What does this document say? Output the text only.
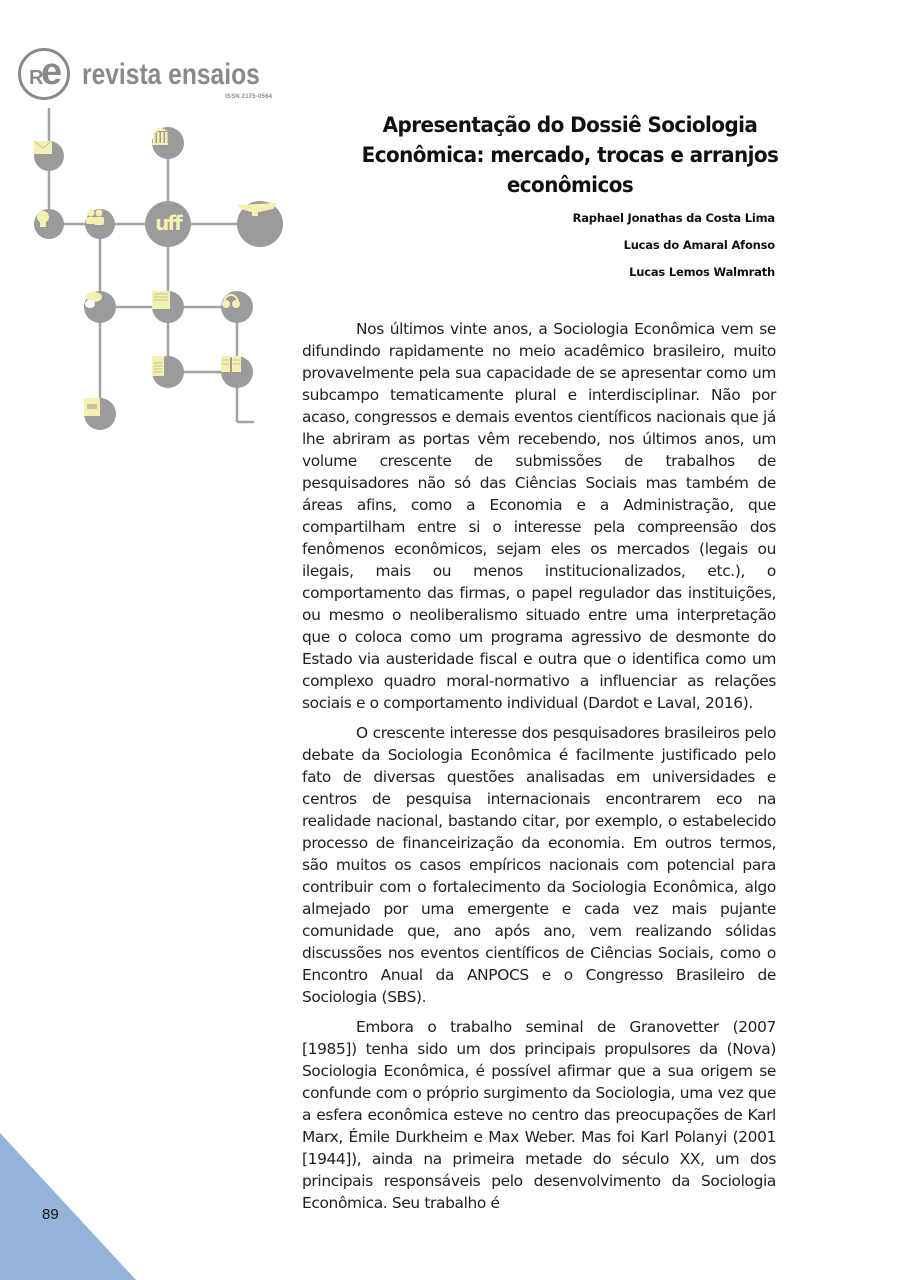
uff
R e revista ensaios
ISSN 2175-0564
Apresentação do Dossiê Sociologia Econômica: mercado, trocas e arranjos econômicos
Raphael Jonathas da Costa Lima
Lucas do Amaral Afonso
Lucas Lemos Walmrath

Nos últimos vinte anos, a Sociologia Econômica vem se difundindo rapidamente no meio acadêmico brasileiro, muito provavelmente pela sua capacidade de se apresentar como um subcampo tematicamente plural e interdisciplinar. Não por acaso, congressos e demais eventos científicos nacionais que já lhe abriram as portas vêm recebendo, nos últimos anos, um volume crescente de submissões de trabalhos de pesquisadores não só das Ciências Sociais mas também de áreas afins, como a Economia e a Administração, que compartilham entre si o interesse pela compreensão dos fenômenos econômicos, sejam eles os mercados (legais ou ilegais, mais ou menos institucionalizados, etc.), o comportamento das firmas, o papel regulador das instituições, ou mesmo o neoliberalismo situado entre uma interpretação que o coloca como um programa agressivo de desmonte do Estado via austeridade fiscal e outra que o identifica como um complexo quadro moral-normativo a influenciar as relações sociais e o comportamento individual (Dardot e Laval, 2016).

O crescente interesse dos pesquisadores brasileiros pelo debate da Sociologia Econômica é facilmente justificado pelo fato de diversas questões analisadas em universidades e centros de pesquisa internacionais encontrarem eco na realidade nacional, bastando citar, por exemplo, o estabelecido processo de financeirização da economia. Em outros termos, são muitos os casos empíricos nacionais com potencial para contribuir com o fortalecimento da Sociologia Econômica, algo almejado por uma emergente e cada vez mais pujante comunidade que, ano após ano, vem realizando sólidas discussões nos eventos científicos de Ciências Sociais, como o Encontro Anual da ANPOCS e o Congresso Brasileiro de Sociologia (SBS).

Embora o trabalho seminal de Granovetter (2007 [1985]) tenha sido um dos principais propulsores da (Nova) Sociologia Econômica, é possível afirmar que a sua origem se confunde com o próprio surgimento da Sociologia, uma vez que a esfera econômica esteve no centro das preocupações de Karl Marx, Émile Durkheim e Max Weber. Mas foi Karl Polanyi (2001 [1944]), ainda na primeira metade do século XX, um dos principais responsáveis pelo desenvolvimento da Sociologia Econômica. Seu trabalho é

89
